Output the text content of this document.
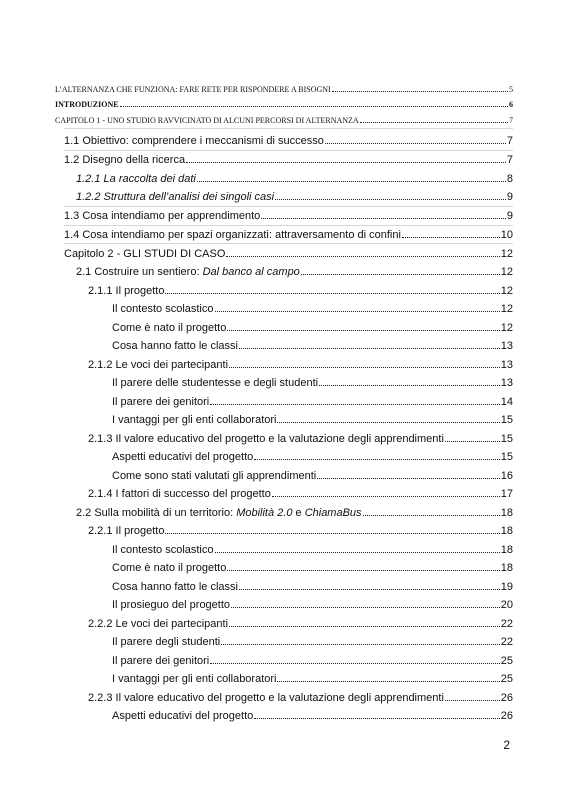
L’ALTERNANZA CHE FUNZIONA: FARE RETE PER RISPONDERE A BISOGNI	5
INTRODUZIONE	6
CAPITOLO 1 - UNO STUDIO RAVVICINATO DI ALCUNI PERCORSI DI ALTERNANZA	7
1.1 Obiettivo: comprendere i meccanismi di successo	7
1.2 Disegno della ricerca	7
1.2.1 La raccolta dei dati	8
1.2.2 Struttura dell’analisi dei singoli casi	9
1.3 Cosa intendiamo per apprendimento	9
1.4 Cosa intendiamo per spazi organizzati: attraversamento di confini	10
Capitolo 2 - GLI STUDI DI CASO	12
2.1 Costruire un sentiero: Dal banco al campo	12
2.1.1 Il progetto	12
Il contesto scolastico	12
Come è nato il progetto	12
Cosa hanno fatto le classi	13
2.1.2 Le voci dei partecipanti	13
Il parere delle studentesse e degli studenti	13
Il parere dei genitori	14
I vantaggi per gli enti collaboratori	15
2.1.3 Il valore educativo del progetto e la valutazione degli apprendimenti	15
Aspetti educativi del progetto	15
Come sono stati valutati gli apprendimenti	16
2.1.4 I fattori di successo del progetto	17
2.2 Sulla mobilità di un territorio: Mobilità 2.0 e ChiamaBus	18
2.2.1 Il progetto	18
Il contesto scolastico	18
Come è nato il progetto	18
Cosa hanno fatto le classi	19
Il prosieguo del progetto	20
2.2.2 Le voci dei partecipanti	22
Il parere degli studenti	22
Il parere dei genitori	25
I vantaggi per gli enti collaboratori	25
2.2.3 Il valore educativo del progetto e la valutazione degli apprendimenti	26
Aspetti educativi del progetto	26
2
